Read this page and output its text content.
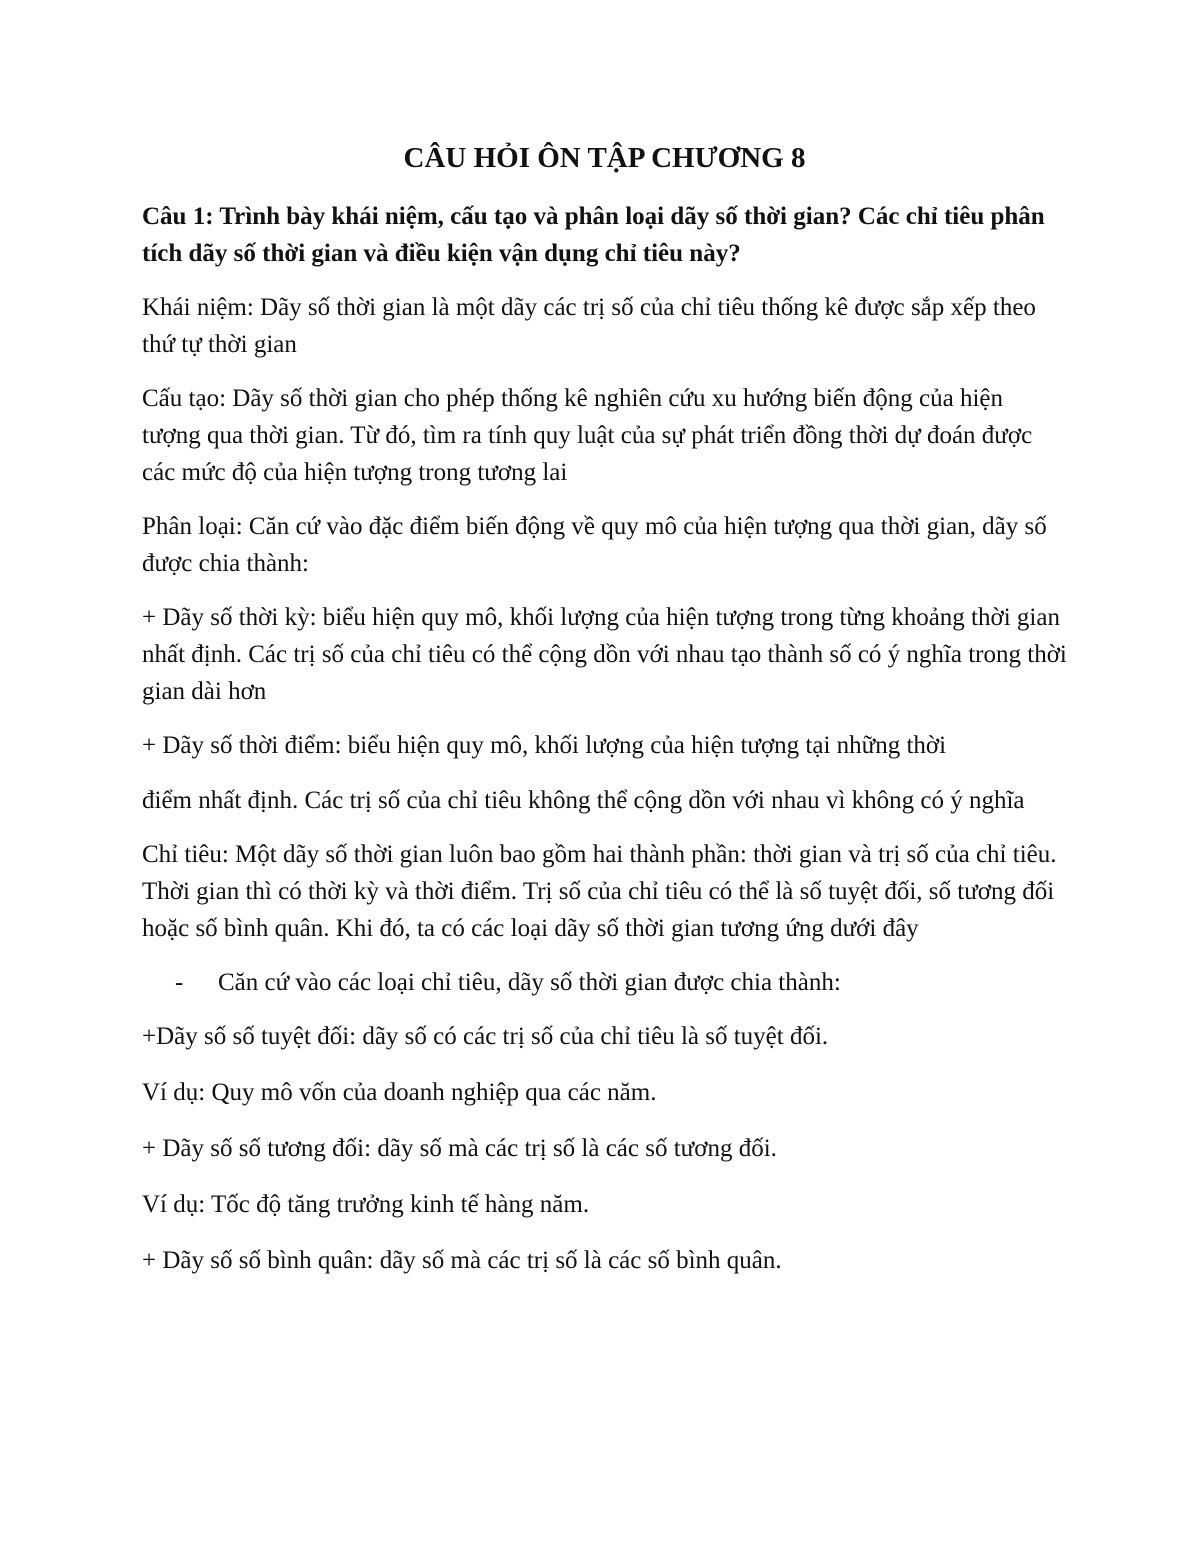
CÂU HỎI ÔN TẬP CHƯƠNG 8

Câu 1: Trình bày khái niệm, cấu tạo và phân loại dãy số thời gian? Các chỉ tiêu phân tích dãy số thời gian và điều kiện vận dụng chỉ tiêu này?

Khái niệm: Dãy số thời gian là một dãy các trị số của chỉ tiêu thống kê được sắp xếp theo thứ tự thời gian

Cấu tạo: Dãy số thời gian cho phép thống kê nghiên cứu xu hướng biến động của hiện tượng qua thời gian. Từ đó, tìm ra tính quy luật của sự phát triển đồng thời dự đoán được các mức độ của hiện tượng trong tương lai

Phân loại: Căn cứ vào đặc điểm biến động về quy mô của hiện tượng qua thời gian, dãy số được chia thành:

+ Dãy số thời kỳ: biểu hiện quy mô, khối lượng của hiện tượng trong từng khoảng thời gian nhất định. Các trị số của chỉ tiêu có thể cộng dồn với nhau tạo thành số có ý nghĩa trong thời gian dài hơn

+ Dãy số thời điểm: biểu hiện quy mô, khối lượng của hiện tượng tại những thời

điểm nhất định. Các trị số của chỉ tiêu không thể cộng dồn với nhau vì không có ý nghĩa

Chỉ tiêu: Một dãy số thời gian luôn bao gồm hai thành phần: thời gian và trị số của chỉ tiêu. Thời gian thì có thời kỳ và thời điểm. Trị số của chỉ tiêu có thể là số tuyệt đối, số tương đối hoặc số bình quân. Khi đó, ta có các loại dãy số thời gian tương ứng dưới đây

- Căn cứ vào các loại chỉ tiêu, dãy số thời gian được chia thành:

+Dãy số số tuyệt đối: dãy số có các trị số của chỉ tiêu là số tuyệt đối.

Ví dụ: Quy mô vốn của doanh nghiệp qua các năm.

+ Dãy số số tương đối: dãy số mà các trị số là các số tương đối.

Ví dụ: Tốc độ tăng trưởng kinh tế hàng năm.

+ Dãy số số bình quân: dãy số mà các trị số là các số bình quân.
